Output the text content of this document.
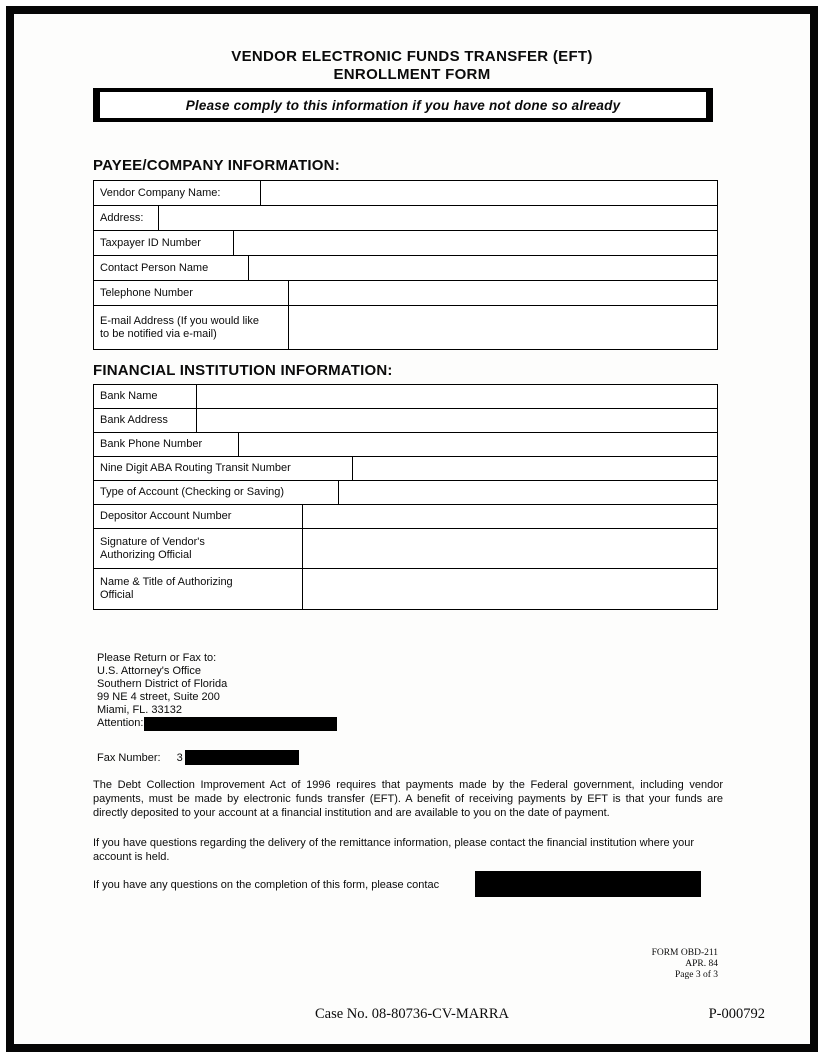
VENDOR ELECTRONIC FUNDS TRANSFER (EFT)
ENROLLMENT FORM
Please comply to this information if you have not done so already
PAYEE/COMPANY INFORMATION:
Vendor Company Name:
Address:
Taxpayer ID Number
Contact Person Name
Telephone Number
E-mail Address (If you would like to be notified via e-mail)
FINANCIAL INSTITUTION INFORMATION:
Bank Name
Bank Address
Bank Phone Number
Nine Digit ABA Routing Transit Number
Type of Account (Checking or Saving)
Depositor Account Number
Signature of Vendor's Authorizing Official
Name & Title of Authorizing Official
Please Return or Fax to:
U.S. Attorney's Office
Southern District of Florida
99 NE 4 street, Suite 200
Miami, FL. 33132
Attention:
Fax Number: 3

The Debt Collection Improvement Act of 1996 requires that payments made by the Federal government, including vendor payments, must be made by electronic funds transfer (EFT). A benefit of receiving payments by EFT is that your funds are directly deposited to your account at a financial institution and are available to you on the date of payment.

If you have questions regarding the delivery of the remittance information, please contact the financial institution where your account is held.

If you have any questions on the completion of this form, please contac
FORM OBD-211
APR. 84
Page 3 of 3
Case No. 08-80736-CV-MARRA	P-000792
